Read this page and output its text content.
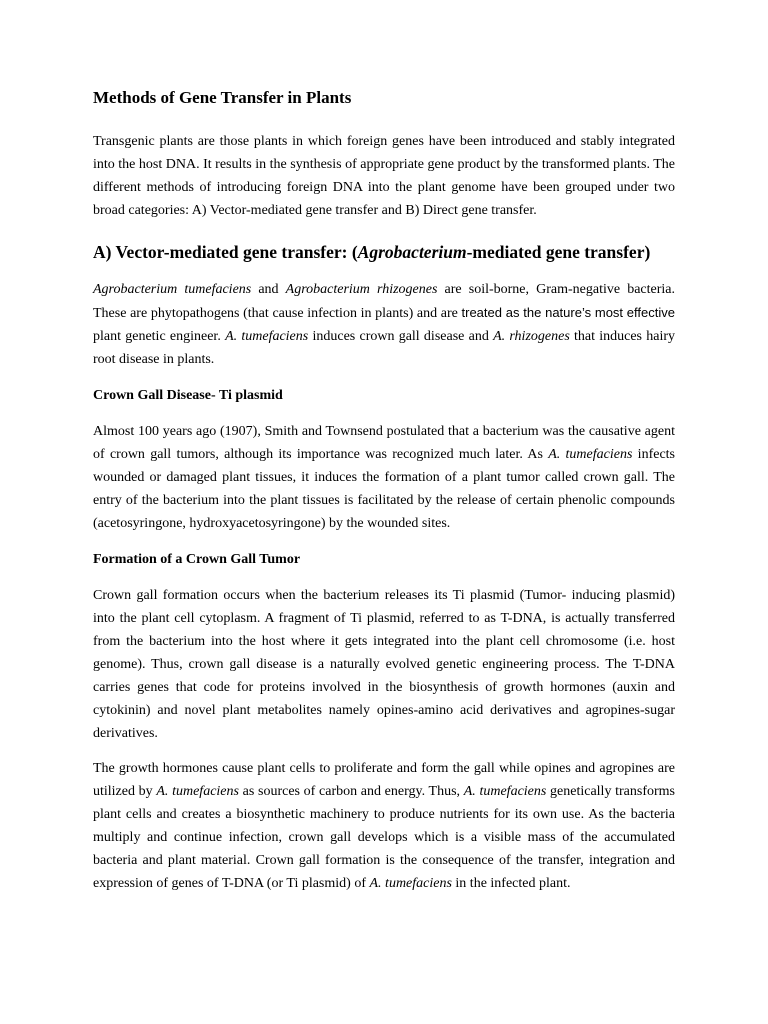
Methods of Gene Transfer in Plants

Transgenic plants are those plants in which foreign genes have been introduced and stably integrated into the host DNA. It results in the synthesis of appropriate gene product by the transformed plants. The different methods of introducing foreign DNA into the plant genome have been grouped under two broad categories: A) Vector-mediated gene transfer and B) Direct gene transfer.

A) Vector-mediated gene transfer: (Agrobacterium-mediated gene transfer)

Agrobacterium tumefaciens and Agrobacterium rhizogenes are soil-borne, Gram-negative bacteria. These are phytopathogens (that cause infection in plants) and are treated as the nature’s most effective plant genetic engineer. A. tumefaciens induces crown gall disease and A. rhizogenes that induces hairy root disease in plants.

Crown Gall Disease- Ti plasmid

Almost 100 years ago (1907), Smith and Townsend postulated that a bacterium was the causative agent of crown gall tumors, although its importance was recognized much later. As A. tumefaciens infects wounded or damaged plant tissues, it induces the formation of a plant tumor called crown gall. The entry of the bacterium into the plant tissues is facilitated by the release of certain phenolic compounds (acetosyringone, hydroxyacetosyringone) by the wounded sites.

Formation of a Crown Gall Tumor

Crown gall formation occurs when the bacterium releases its Ti plasmid (Tumor- inducing plasmid) into the plant cell cytoplasm. A fragment of Ti plasmid, referred to as T-DNA, is actually transferred from the bacterium into the host where it gets integrated into the plant cell chromosome (i.e. host genome). Thus, crown gall disease is a naturally evolved genetic engineering process. The T-DNA carries genes that code for proteins involved in the biosynthesis of growth hormones (auxin and cytokinin) and novel plant metabolites namely opines-amino acid derivatives and agropines-sugar derivatives.

The growth hormones cause plant cells to proliferate and form the gall while opines and agropines are utilized by A. tumefaciens as sources of carbon and energy. Thus, A. tumefaciens genetically transforms plant cells and creates a biosynthetic machinery to produce nutrients for its own use. As the bacteria multiply and continue infection, crown gall develops which is a visible mass of the accumulated bacteria and plant material. Crown gall formation is the consequence of the transfer, integration and expression of genes of T-DNA (or Ti plasmid) of A. tumefaciens in the infected plant.
